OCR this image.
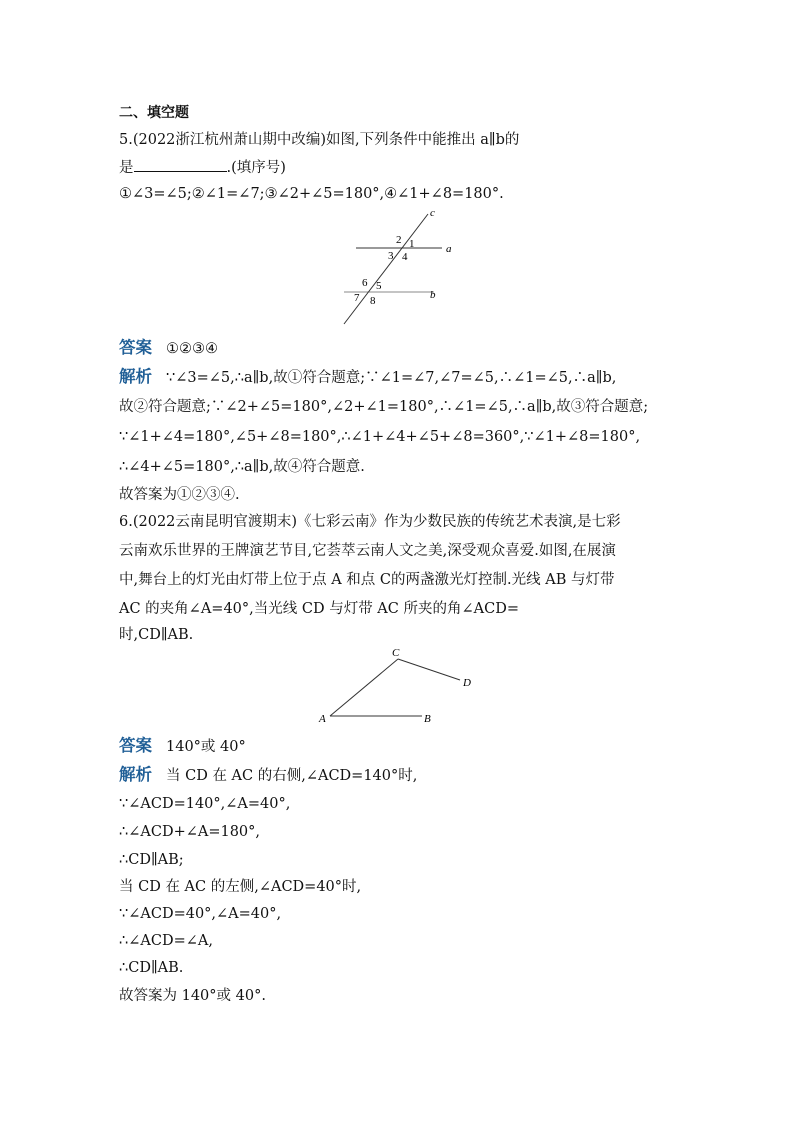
二、填空题
5.(2022浙江杭州萧山期中改编)如图,下列条件中能推出 a∥b的
是	.(填序号)
①∠3=∠5;②∠1=∠7;③∠2+∠5=180°,④∠1+∠8=180°.
c
2 1	a
3 4
6 5
b
7 8
答案 ①②③④
解析 ∵∠3=∠5,∴a∥b,故①符合题意;∵∠1=∠7,∠7=∠5,∴∠1=∠5,∴a∥b,
故②符合题意;∵∠2+∠5=180°,∠2+∠1=180°,∴∠1=∠5,∴a∥b,故③符合题意;
∵∠1+∠4=180°,∠5+∠8=180°,∴∠1+∠4+∠5+∠8=360°,∵∠1+∠8=180°,
∴∠4+∠5=180°,∴a∥b,故④符合题意.
故答案为①②③④.
6.(2022云南昆明官渡期末)《七彩云南》作为少数民族的传统艺术表演,是七彩
云南欢乐世界的王牌演艺节目,它荟萃云南人文之美,深受观众喜爱.如图,在展演
中,舞台上的灯光由灯带上位于点 A 和点 C的两盏激光灯控制.光线 AB 与灯带
AC 的夹角∠A=40°,当光线 CD 与灯带 AC 所夹的角∠ACD=
时,CD∥AB.
C
D
A	B
答案 140°或 40°
解析 当 CD 在 AC 的右侧,∠ACD=140°时,
∵∠ACD=140°,∠A=40°,
∴∠ACD+∠A=180°,
∴CD∥AB;
当 CD 在 AC 的左侧,∠ACD=40°时,
∵∠ACD=40°,∠A=40°,
∴∠ACD=∠A,
∴CD∥AB.
故答案为 140°或 40°.
